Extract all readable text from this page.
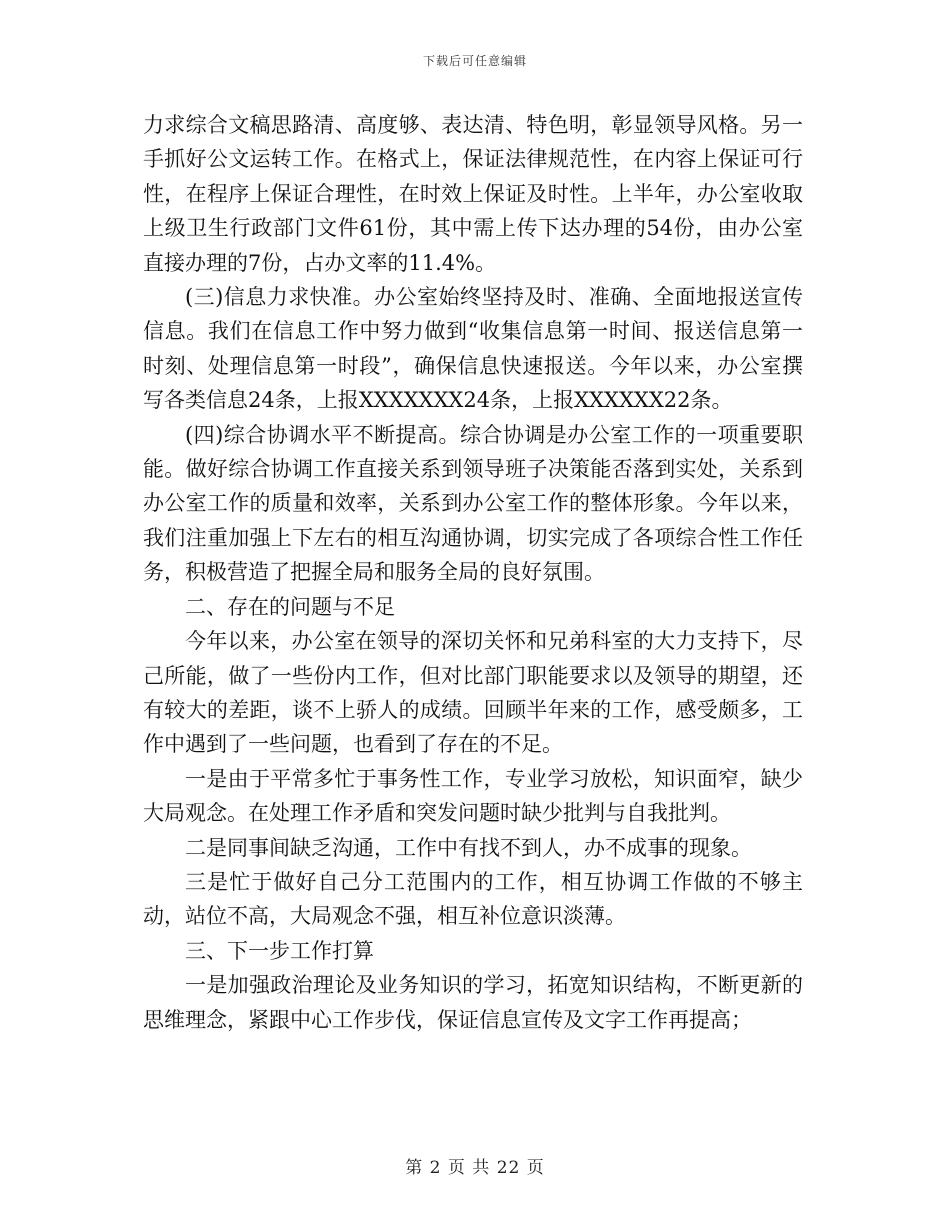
下载后可任意编辑

力求综合文稿思路清、高度够、表达清、特色明，彰显领导风格。另一手抓好公文运转工作。在格式上，保证法律规范性，在内容上保证可行性，在程序上保证合理性，在时效上保证及时性。上半年，办公室收取上级卫生行政部门文件61份，其中需上传下达办理的54份，由办公室直接办理的7份，占办文率的11.4%。

(三)信息力求快准。办公室始终坚持及时、准确、全面地报送宣传信息。我们在信息工作中努力做到“收集信息第一时间、报送信息第一时刻、处理信息第一时段”，确保信息快速报送。今年以来，办公室撰写各类信息24条，上报XXXXXXX24条，上报XXXXXX22条。

(四)综合协调水平不断提高。综合协调是办公室工作的一项重要职能。做好综合协调工作直接关系到领导班子决策能否落到实处，关系到办公室工作的质量和效率，关系到办公室工作的整体形象。今年以来，我们注重加强上下左右的相互沟通协调，切实完成了各项综合性工作任务，积极营造了把握全局和服务全局的良好氛围。

二、存在的问题与不足

今年以来，办公室在领导的深切关怀和兄弟科室的大力支持下，尽己所能，做了一些份内工作，但对比部门职能要求以及领导的期望，还有较大的差距，谈不上骄人的成绩。回顾半年来的工作，感受颇多，工作中遇到了一些问题，也看到了存在的不足。

一是由于平常多忙于事务性工作，专业学习放松，知识面窄，缺少大局观念。在处理工作矛盾和突发问题时缺少批判与自我批判。

二是同事间缺乏沟通，工作中有找不到人，办不成事的现象。

三是忙于做好自己分工范围内的工作，相互协调工作做的不够主动，站位不高，大局观念不强，相互补位意识淡薄。

三、下一步工作打算

一是加强政治理论及业务知识的学习，拓宽知识结构，不断更新的思维理念，紧跟中心工作步伐，保证信息宣传及文字工作再提高；

第 2 页 共 22 页
